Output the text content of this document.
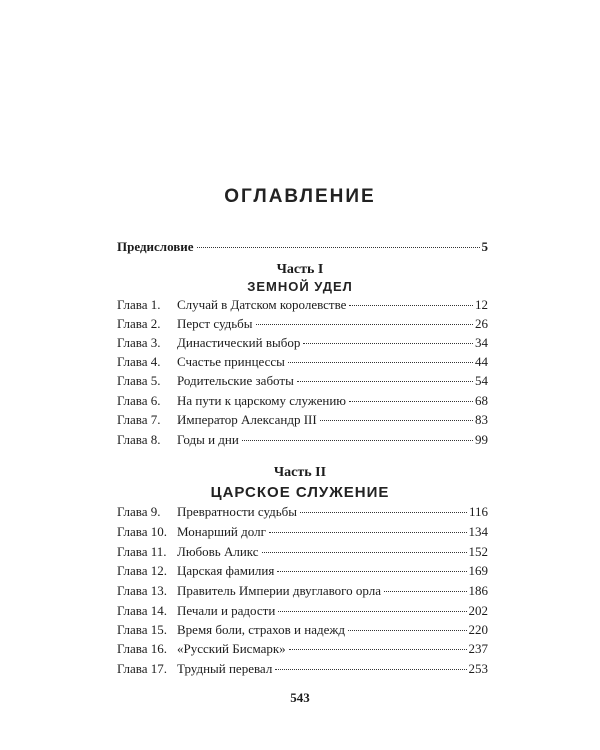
ОГЛАВЛЕНИЕ
Предисловие	5
Часть I
ЗЕМНОЙ УДЕЛ
Глава 1.	Случай в Датском королевстве	12
Глава 2.	Перст судьбы	26
Глава 3.	Династический выбор	34
Глава 4.	Счастье принцессы	44
Глава 5.	Родительские заботы	54
Глава 6.	На пути к царскому служению	68
Глава 7.	Император Александр III	83
Глава 8.	Годы и дни	99
Часть II
ЦАРСКОЕ СЛУЖЕНИЕ
Глава 9.	Превратности судьбы	116
Глава 10. Монарший долг	134
Глава 11. Любовь Аликс	152
Глава 12. Царская фамилия	169
Глава 13. Правитель Империи двуглавого орла	186
Глава 14. Печали и радости	202
Глава 15. Время боли, страхов и надежд	220
Глава 16. «Русский Бисмарк»	237
Глава 17. Трудный перевал	253
543
